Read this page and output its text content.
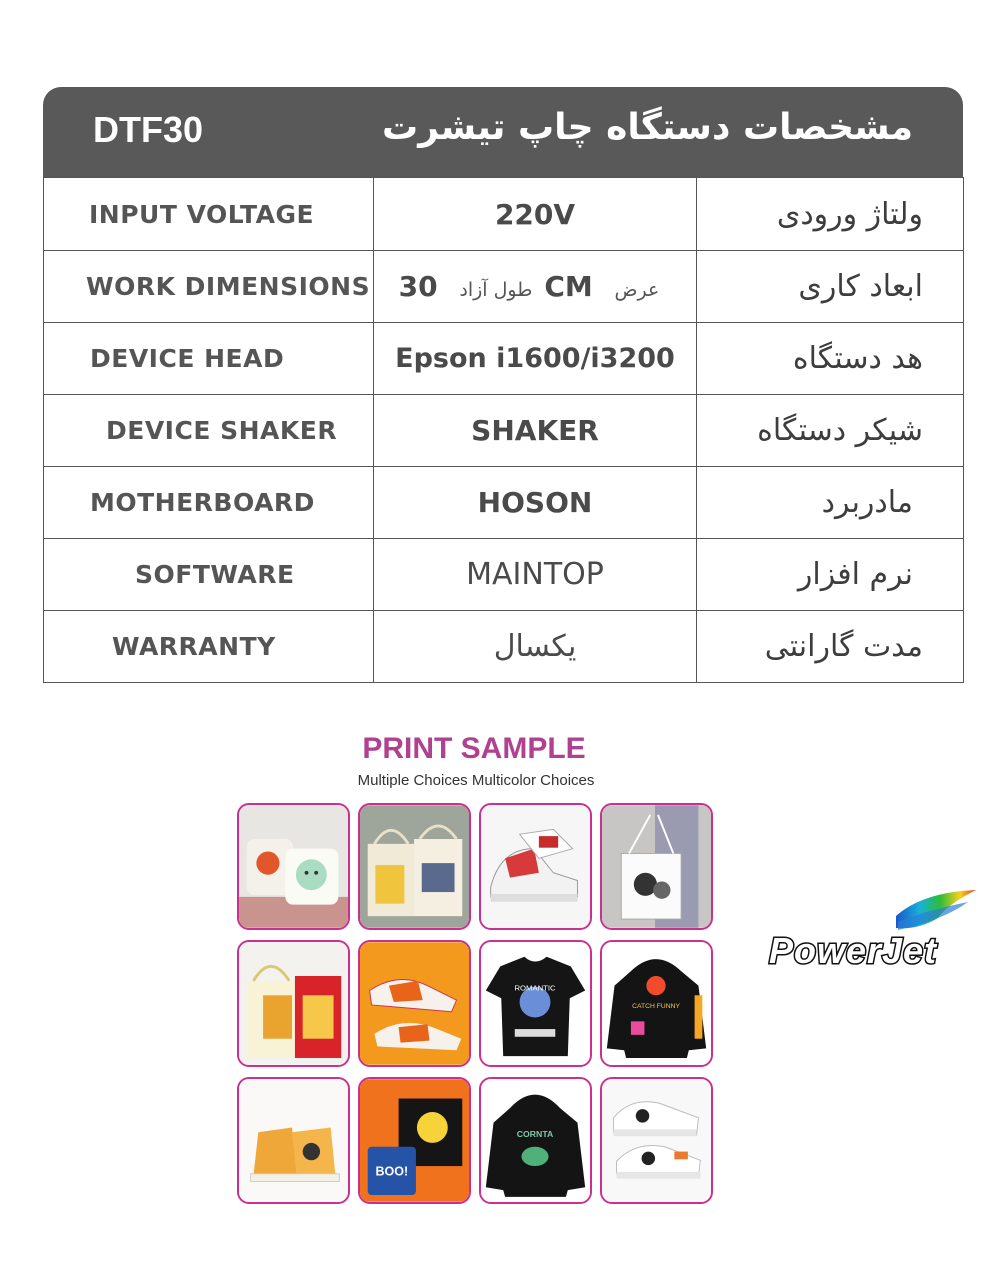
DTF30	مشخصات دستگاه چاپ تیشرت
INPUT VOLTAGE	220V	ولتاژ ورودی
WORK DIMENSIONS	طول آزاد 30CM عرض	ابعاد کاری
DEVICE HEAD	Epson i1600/i3200	هد دستگاه
DEVICE SHAKER	SHAKER	شیکر دستگاه
MOTHERBOARD	HOSON	مادربرد
SOFTWARE	MAINTOP	نرم افزار
WARRANTY	یکسال	مدت گارانتی
PRINT SAMPLE
Multiple Choices Multicolor Choices
ROMANTIC
CATCH FUNNY
BOO!
CORNTA
PowerJet
